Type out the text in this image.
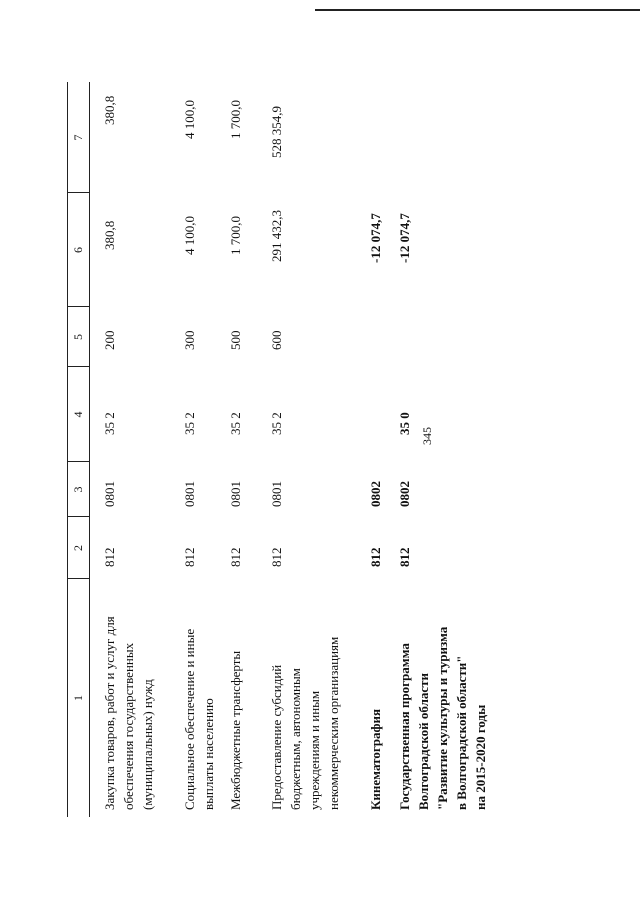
345
1
2
3
4
5
6
7
Закупка товаров, работ и услуг для обеспечения государственных (муниципальных) нужд
812
0801
35 2
200
380,8
380,8
Социальное обеспечение и иные выплаты населению
812
0801
35 2
300
4 100,0
4 100,0
Межбюджетные трансферты
812
0801
35 2
500
1 700,0
1 700,0
Предоставление субсидий бюджетным, автономным учреждениям и иным некоммерческим организациям
812
0801
35 2
600
291 432,3
528 354,9
Кинематография
812
0802
-12 074,7
Государственная программа Волгоградской области "Развитие культуры и туризма в Волгоградской области" на 2015-2020 годы
812
0802
35 0
-12 074,7
